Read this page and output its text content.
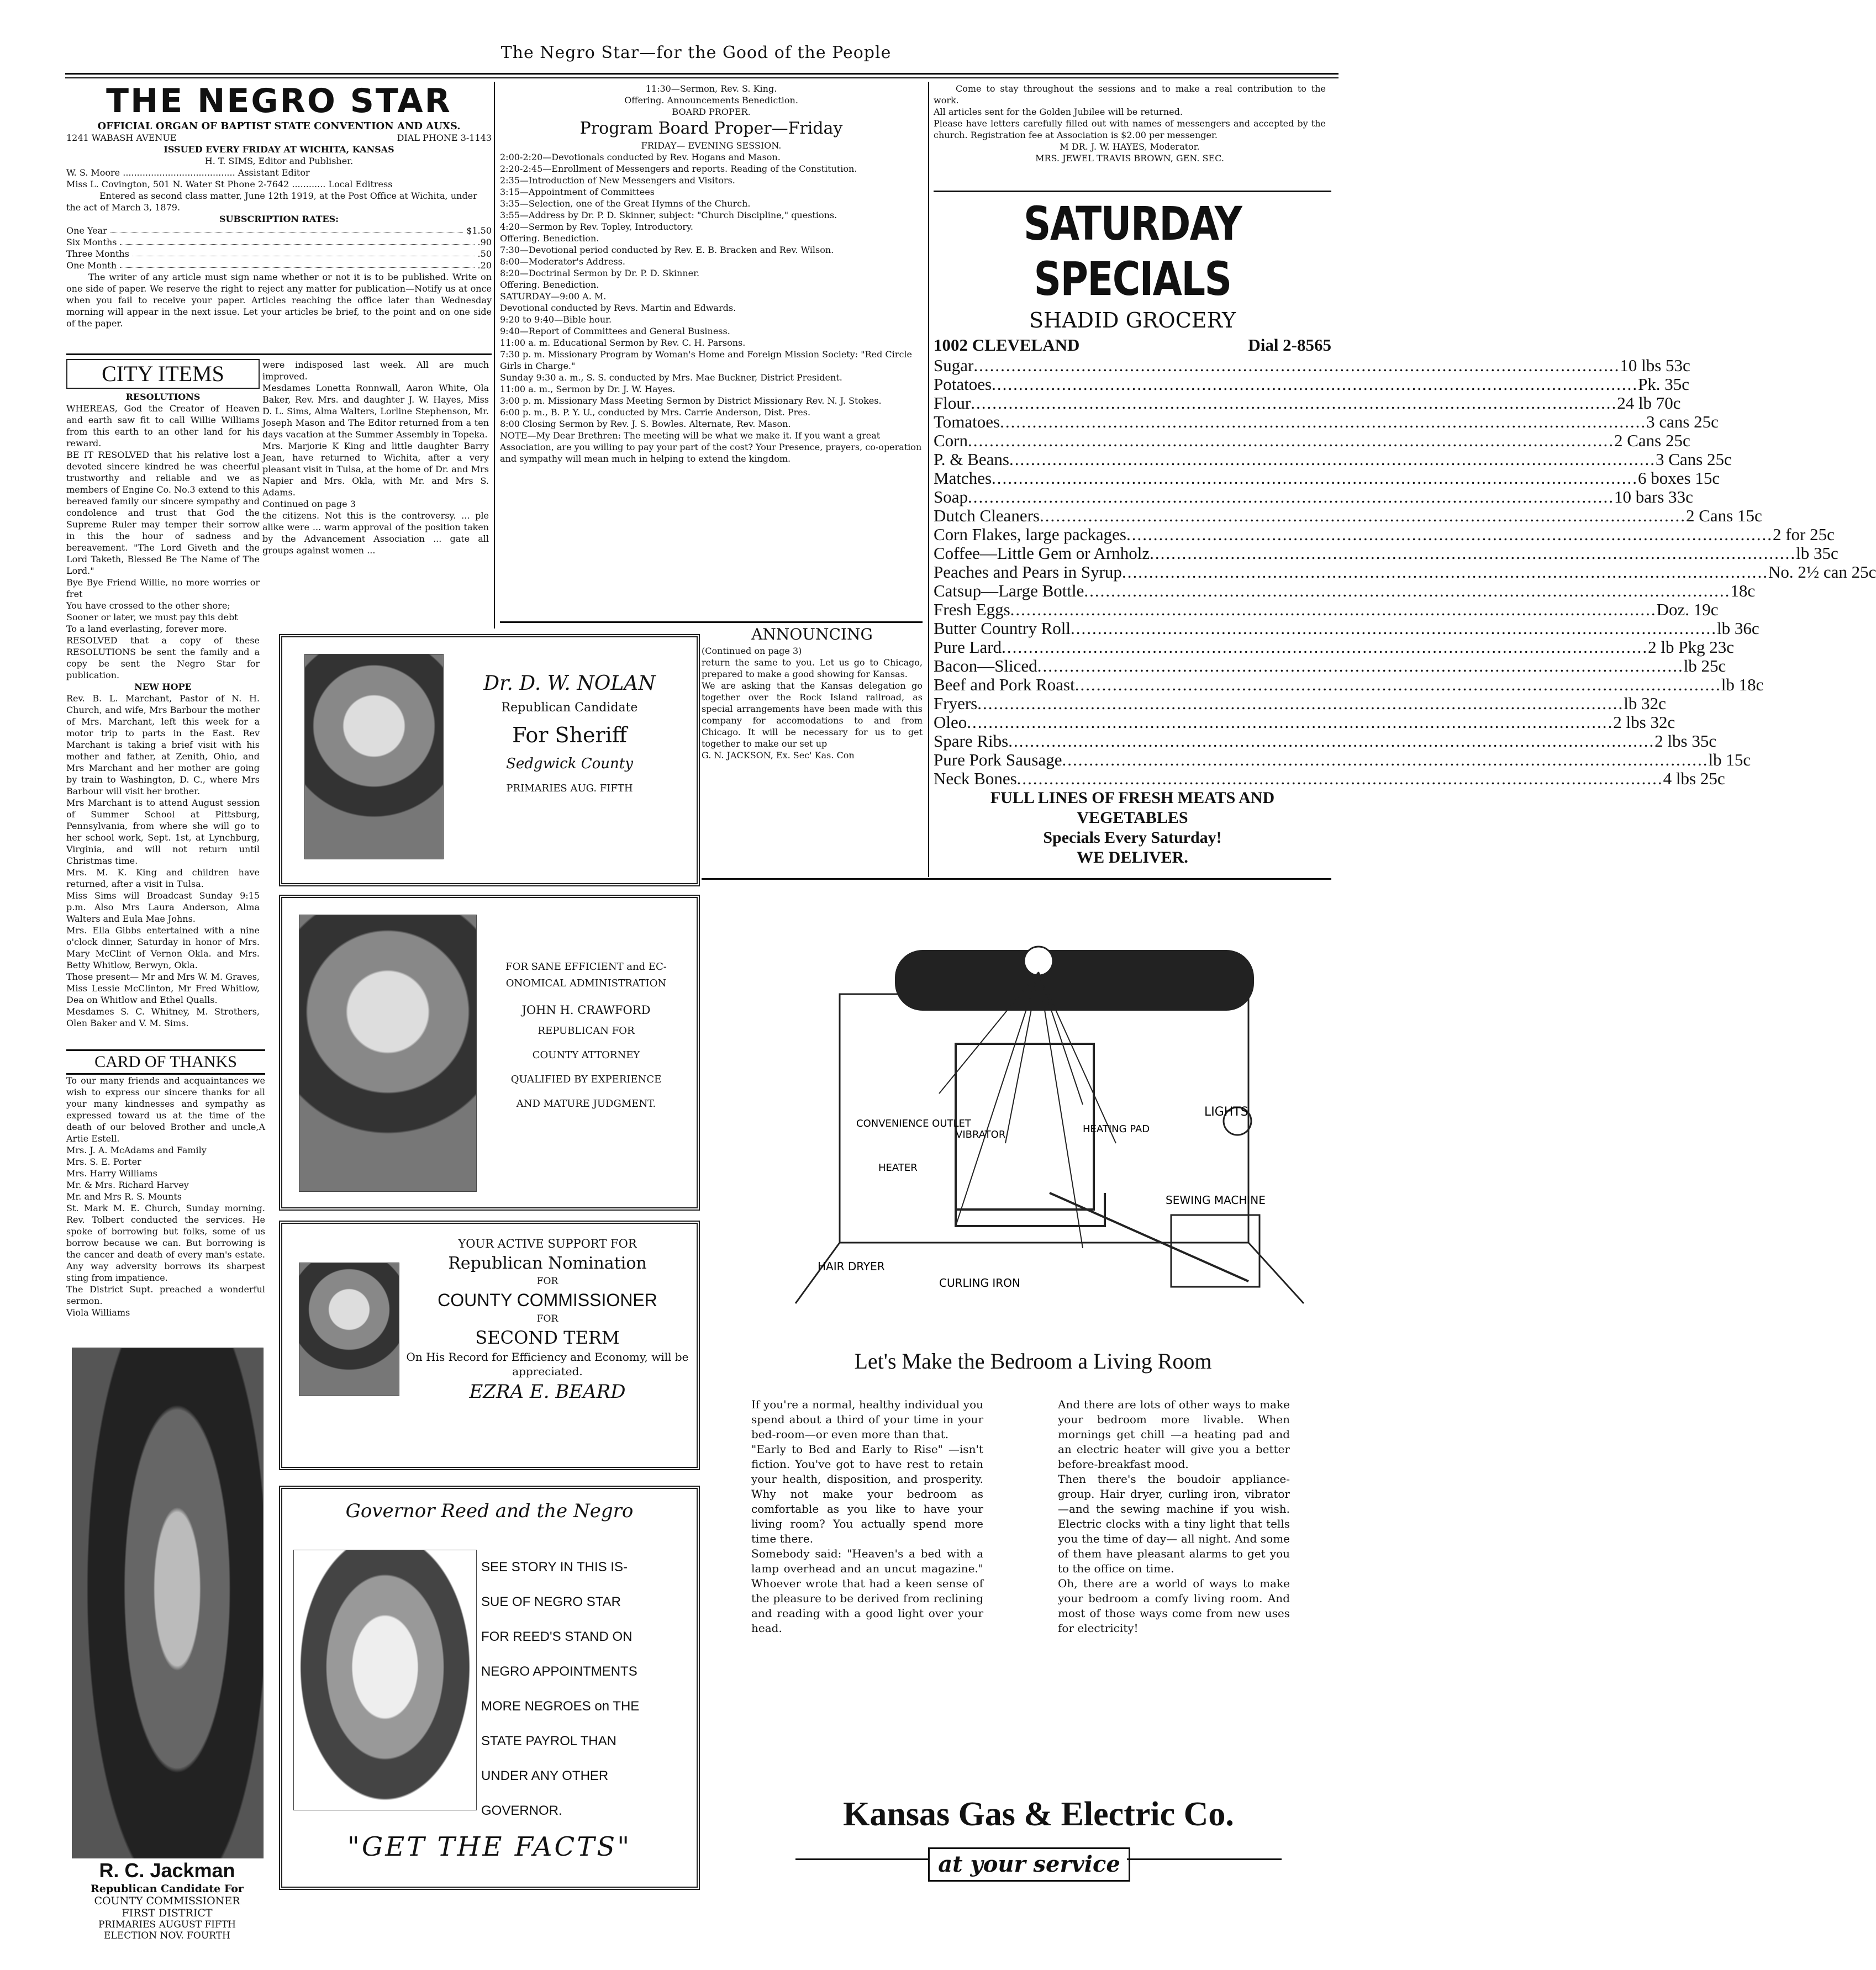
The Negro Star—for the Good of the People
THE NEGRO STAR
OFFICIAL ORGAN OF BAPTIST STATE CONVENTION AND AUXS.
1241 WABASH AVENUE	DIAL PHONE 3-1143
ISSUED EVERY FRIDAY AT WICHITA, KANSAS
H. T. SIMS, Editor and Publisher.
W. S. Moore ........................................ Assistant Editor
Miss L. Covington, 501 N. Water St Phone 2-7642 ............ Local Editress
Entered as second class matter, June 12th 1919, at the Post Office at Wichita, under the act of March 3, 1879.
SUBSCRIPTION RATES:
One Year	$1.50
Six Months	.90
Three Months	.50
One Month	.20
The writer of any article must sign name whether or not it is to be published. Write on one side of paper. We reserve the right to reject any matter for publication—Notify us at once when you fail to receive your paper. Articles reaching the office later than Wednesday morning will appear in the next issue. Let your articles be brief, to the point and on one side of the paper.
CITY ITEMS
RESOLUTIONS
WHEREAS, God the Creator of Heaven and earth saw fit to call Willie Williams from this earth to an other land for his reward.
BE IT RESOLVED that his relative lost a devoted sincere kindred he was cheerful trustworthy and reliable and we as members of Engine Co. No.3 extend to this bereaved family our sincere sympathy and condolence and trust that God the Supreme Ruler may temper their sorrow in this the hour of sadness and bereavement. "The Lord Giveth and the Lord Taketh, Blessed Be The Name of The Lord."
Bye Bye Friend Willie, no more worries or fret
You have crossed to the other shore;
Sooner or later, we must pay this debt
To a land everlasting, forever more.
RESOLVED that a copy of these RESOLUTIONS be sent the family and a copy be sent the Negro Star for publication.
NEW HOPE
Rev. B. L. Marchant, Pastor of N. H. Church, and wife, Mrs Barbour the mother of Mrs. Marchant, left this week for a motor trip to parts in the East. Rev Marchant is taking a brief visit with his mother and father, at Zenith, Ohio, and Mrs Marchant and her mother are going by train to Washington, D. C., where Mrs Barbour will visit her brother.
Mrs Marchant is to attend August session of Summer School at Pittsburg, Pennsylvania, from where she will go to her school work, Sept. 1st, at Lynchburg, Virginia, and will not return until Christmas time.
Mrs. M. K. King and children have returned, after a visit in Tulsa.
Miss Sims will Broadcast Sunday 9:15 p.m. Also Mrs Laura Anderson, Alma Walters and Eula Mae Johns.
Mrs. Ella Gibbs entertained with a nine o'clock dinner, Saturday in honor of Mrs. Mary McClint of Vernon Okla. and Mrs. Betty Whitlow, Berwyn, Okla.
Those present— Mr and Mrs W. M. Graves, Miss Lessie McClinton, Mr Fred Whitlow, Dea on Whitlow and Ethel Qualls.
Mesdames S. C. Whitney, M. Strothers, Olen Baker and V. M. Sims.
were indisposed last week. All are much improved.
Mesdames Lonetta Ronnwall, Aaron White, Ola Baker, Rev. Mrs. and daughter J. W. Hayes, Miss D. L. Sims, Alma Walters, Lorline Stephenson, Mr. Joseph Mason and The Editor returned from a ten days vacation at the Summer Assembly in Topeka.
Mrs. Marjorie K King and little daughter Barry Jean, have returned to Wichita, after a very pleasant visit in Tulsa, at the home of Dr. and Mrs Napier and Mrs. Okla, with Mr. and Mrs S. Adams.
Continued on page 3
the citizens. Not this is the controversy. ... ple alike were ... warm approval of the position taken by the Advancement Association ... gate all groups against women ...
CARD OF THANKS
To our many friends and acquaintances we wish to express our sincere thanks for all your many kindnesses and sympathy as expressed toward us at the time of the death of our beloved Brother and uncle,A Artie Estell.
Mrs. J. A. McAdams and Family
Mrs. S. E. Porter
Mrs. Harry Williams
Mr. & Mrs. Richard Harvey
Mr. and Mrs R. S. Mounts
St. Mark M. E. Church, Sunday morning. Rev. Tolbert conducted the services. He spoke of borrowing but folks, some of us borrow because we can. But borrowing is the cancer and death of every man's estate. Any way adversity borrows its sharpest sting from impatience.
The District Supt. preached a wonderful sermon.
Viola Williams
R. C. Jackman
Republican Candidate For
COUNTY COMMISSIONER
FIRST DISTRICT
PRIMARIES AUGUST FIFTH
ELECTION NOV. FOURTH
11:30—Sermon, Rev. S. King.
Offering. Announcements Benediction.
BOARD PROPER.
Program Board Proper—Friday
FRIDAY— EVENING SESSION.
2:00-2:20—Devotionals conducted by Rev. Hogans and Mason.
2:20-2:45—Enrollment of Messengers and reports. Reading of the Constitution.
2:35—Introduction of New Messengers and Visitors.
3:15—Appointment of Committees
3:35—Selection, one of the Great Hymns of the Church.
3:55—Address by Dr. P. D. Skinner, subject: "Church Discipline," questions.
4:20—Sermon by Rev. Topley, Introductory.
Offering. Benediction.
7:30—Devotional period conducted by Rev. E. B. Bracken and Rev. Wilson.
8:00—Moderator's Address.
8:20—Doctrinal Sermon by Dr. P. D. Skinner.
Offering. Benediction.
SATURDAY—9:00 A. M.
Devotional conducted by Revs. Martin and Edwards.
9:20 to 9:40—Bible hour.
9:40—Report of Committees and General Business.
11:00 a. m. Educational Sermon by Rev. C. H. Parsons.
7:30 p. m. Missionary Program by Woman's Home and Foreign Mission Society: "Red Circle Girls in Charge."
Sunday 9:30 a. m., S. S. conducted by Mrs. Mae Buckner, District President.
11:00 a. m., Sermon by Dr. J. W. Hayes.
3:00 p. m. Missionary Mass Meeting Sermon by District Missionary Rev. N. J. Stokes.
6:00 p. m., B. P. Y. U., conducted by Mrs. Carrie Anderson, Dist. Pres.
8:00 Closing Sermon by Rev. J. S. Bowles. Alternate, Rev. Mason.
NOTE—My Dear Brethren: The meeting will be what we make it. If you want a great Association, are you willing to pay your part of the cost? Your Presence, prayers, co-operation and sympathy will mean much in helping to extend the kingdom.
Dr. D. W. NOLAN
Republican Candidate
For Sheriff
Sedgwick County
PRIMARIES AUG. FIFTH
FOR SANE EFFICIENT and EC-
ONOMICAL ADMINISTRATION
JOHN H. CRAWFORD
REPUBLICAN FOR
COUNTY ATTORNEY
QUALIFIED BY EXPERIENCE
AND MATURE JUDGMENT.
YOUR ACTIVE SUPPORT FOR
Republican Nomination
FOR
COUNTY COMMISSIONER
FOR
SECOND TERM
On His Record for Efficiency and Economy, will be appreciated.
EZRA E. BEARD
Governor Reed and the Negro
SEE STORY IN THIS IS-
SUE OF NEGRO STAR
FOR REED'S STAND ON
NEGRO APPOINTMENTS
MORE NEGROES on THE
STATE PAYROL THAN
UNDER ANY OTHER
GOVERNOR.
"GET THE FACTS"
ANNOUNCING
(Continued on page 3)
return the same to you. Let us go to Chicago, prepared to make a good showing for Kansas.
We are asking that the Kansas delegation go together over the Rock Island railroad, as special arrangements have been made with this company for accomodations to and from Chicago. It will be necessary for us to get together to make our set up
G. N. JACKSON, Ex. Sec' Kas. Con
Come to stay throughout the sessions and to make a real contribution to the work.
All articles sent for the Golden Jubilee will be returned.
Please have letters carefully filled out with names of messengers and accepted by the church. Registration fee at Association is $2.00 per messenger.
M DR. J. W. HAYES, Moderator.
MRS. JEWEL TRAVIS BROWN, GEN. SEC.
SATURDAY SPECIALS
SHADID GROCERY
1002 CLEVELAND	Dial 2-8565
Sugar ........................................................................................................................ 10 lbs 53c
Potatoes ........................................................................................................................ Pk. 35c
Flour ........................................................................................................................ 24 lb 70c
Tomatoes ........................................................................................................................ 3 cans 25c
Corn ........................................................................................................................ 2 Cans 25c
P. & Beans ........................................................................................................................ 3 Cans 25c
Matches ........................................................................................................................ 6 boxes 15c
Soap ........................................................................................................................ 10 bars 33c
Dutch Cleaners ........................................................................................................................ 2 Cans 15c
Corn Flakes, large packages ........................................................................................................................ 2 for 25c
Coffee—Little Gem or Arnholz ........................................................................................................................ lb 35c
Peaches and Pears in Syrup ........................................................................................................................ No. 2½ can 25c
Catsup—Large Bottle ........................................................................................................................ 18c
Fresh Eggs ........................................................................................................................ Doz. 19c
Butter Country Roll ........................................................................................................................ lb 36c
Pure Lard ........................................................................................................................ 2 lb Pkg 23c
Bacon—Sliced ........................................................................................................................ lb 25c
Beef and Pork Roast ........................................................................................................................ lb 18c
Fryers ........................................................................................................................ lb 32c
Oleo ........................................................................................................................ 2 lbs 32c
Spare Ribs ........................................................................................................................ 2 lbs 35c
Pure Pork Sausage ........................................................................................................................ lb 15c
Neck Bones ........................................................................................................................ 4 lbs 25c
FULL LINES OF FRESH MEATS AND
VEGETABLES
Specials Every Saturday!
WE DELIVER.
LIGHTS
CONVENIENCE OUTLET
VIBRATOR	HEATING PAD
HEATER
SEWING MACHINE
HAIR DRYER
CURLING IRON
Let's Make the Bedroom a Living Room
If you're a normal, healthy individual you spend about a third of your time in your bed-room—or even more than that.
"Early to Bed and Early to Rise" —isn't fiction. You've got to have rest to retain your health, disposition, and prosperity. Why not make your bedroom as comfortable as you like to have your living room? You actually spend more time there.
Somebody said: "Heaven's a bed with a lamp overhead and an uncut magazine." Whoever wrote that had a keen sense of the pleasure to be derived from reclining and reading with a good light over your head.
And there are lots of other ways to make your bedroom more livable. When mornings get chill —a heating pad and an electric heater will give you a better before-breakfast mood.
Then there's the boudoir appliance-group. Hair dryer, curling iron, vibrator—and the sewing machine if you wish. Electric clocks with a tiny light that tells you the time of day— all night. And some of them have pleasant alarms to get you to the office on time.
Oh, there are a world of ways to make your bedroom a comfy living room. And most of those ways come from new uses for electricity!
Kansas Gas & Electric Co.
at your service
